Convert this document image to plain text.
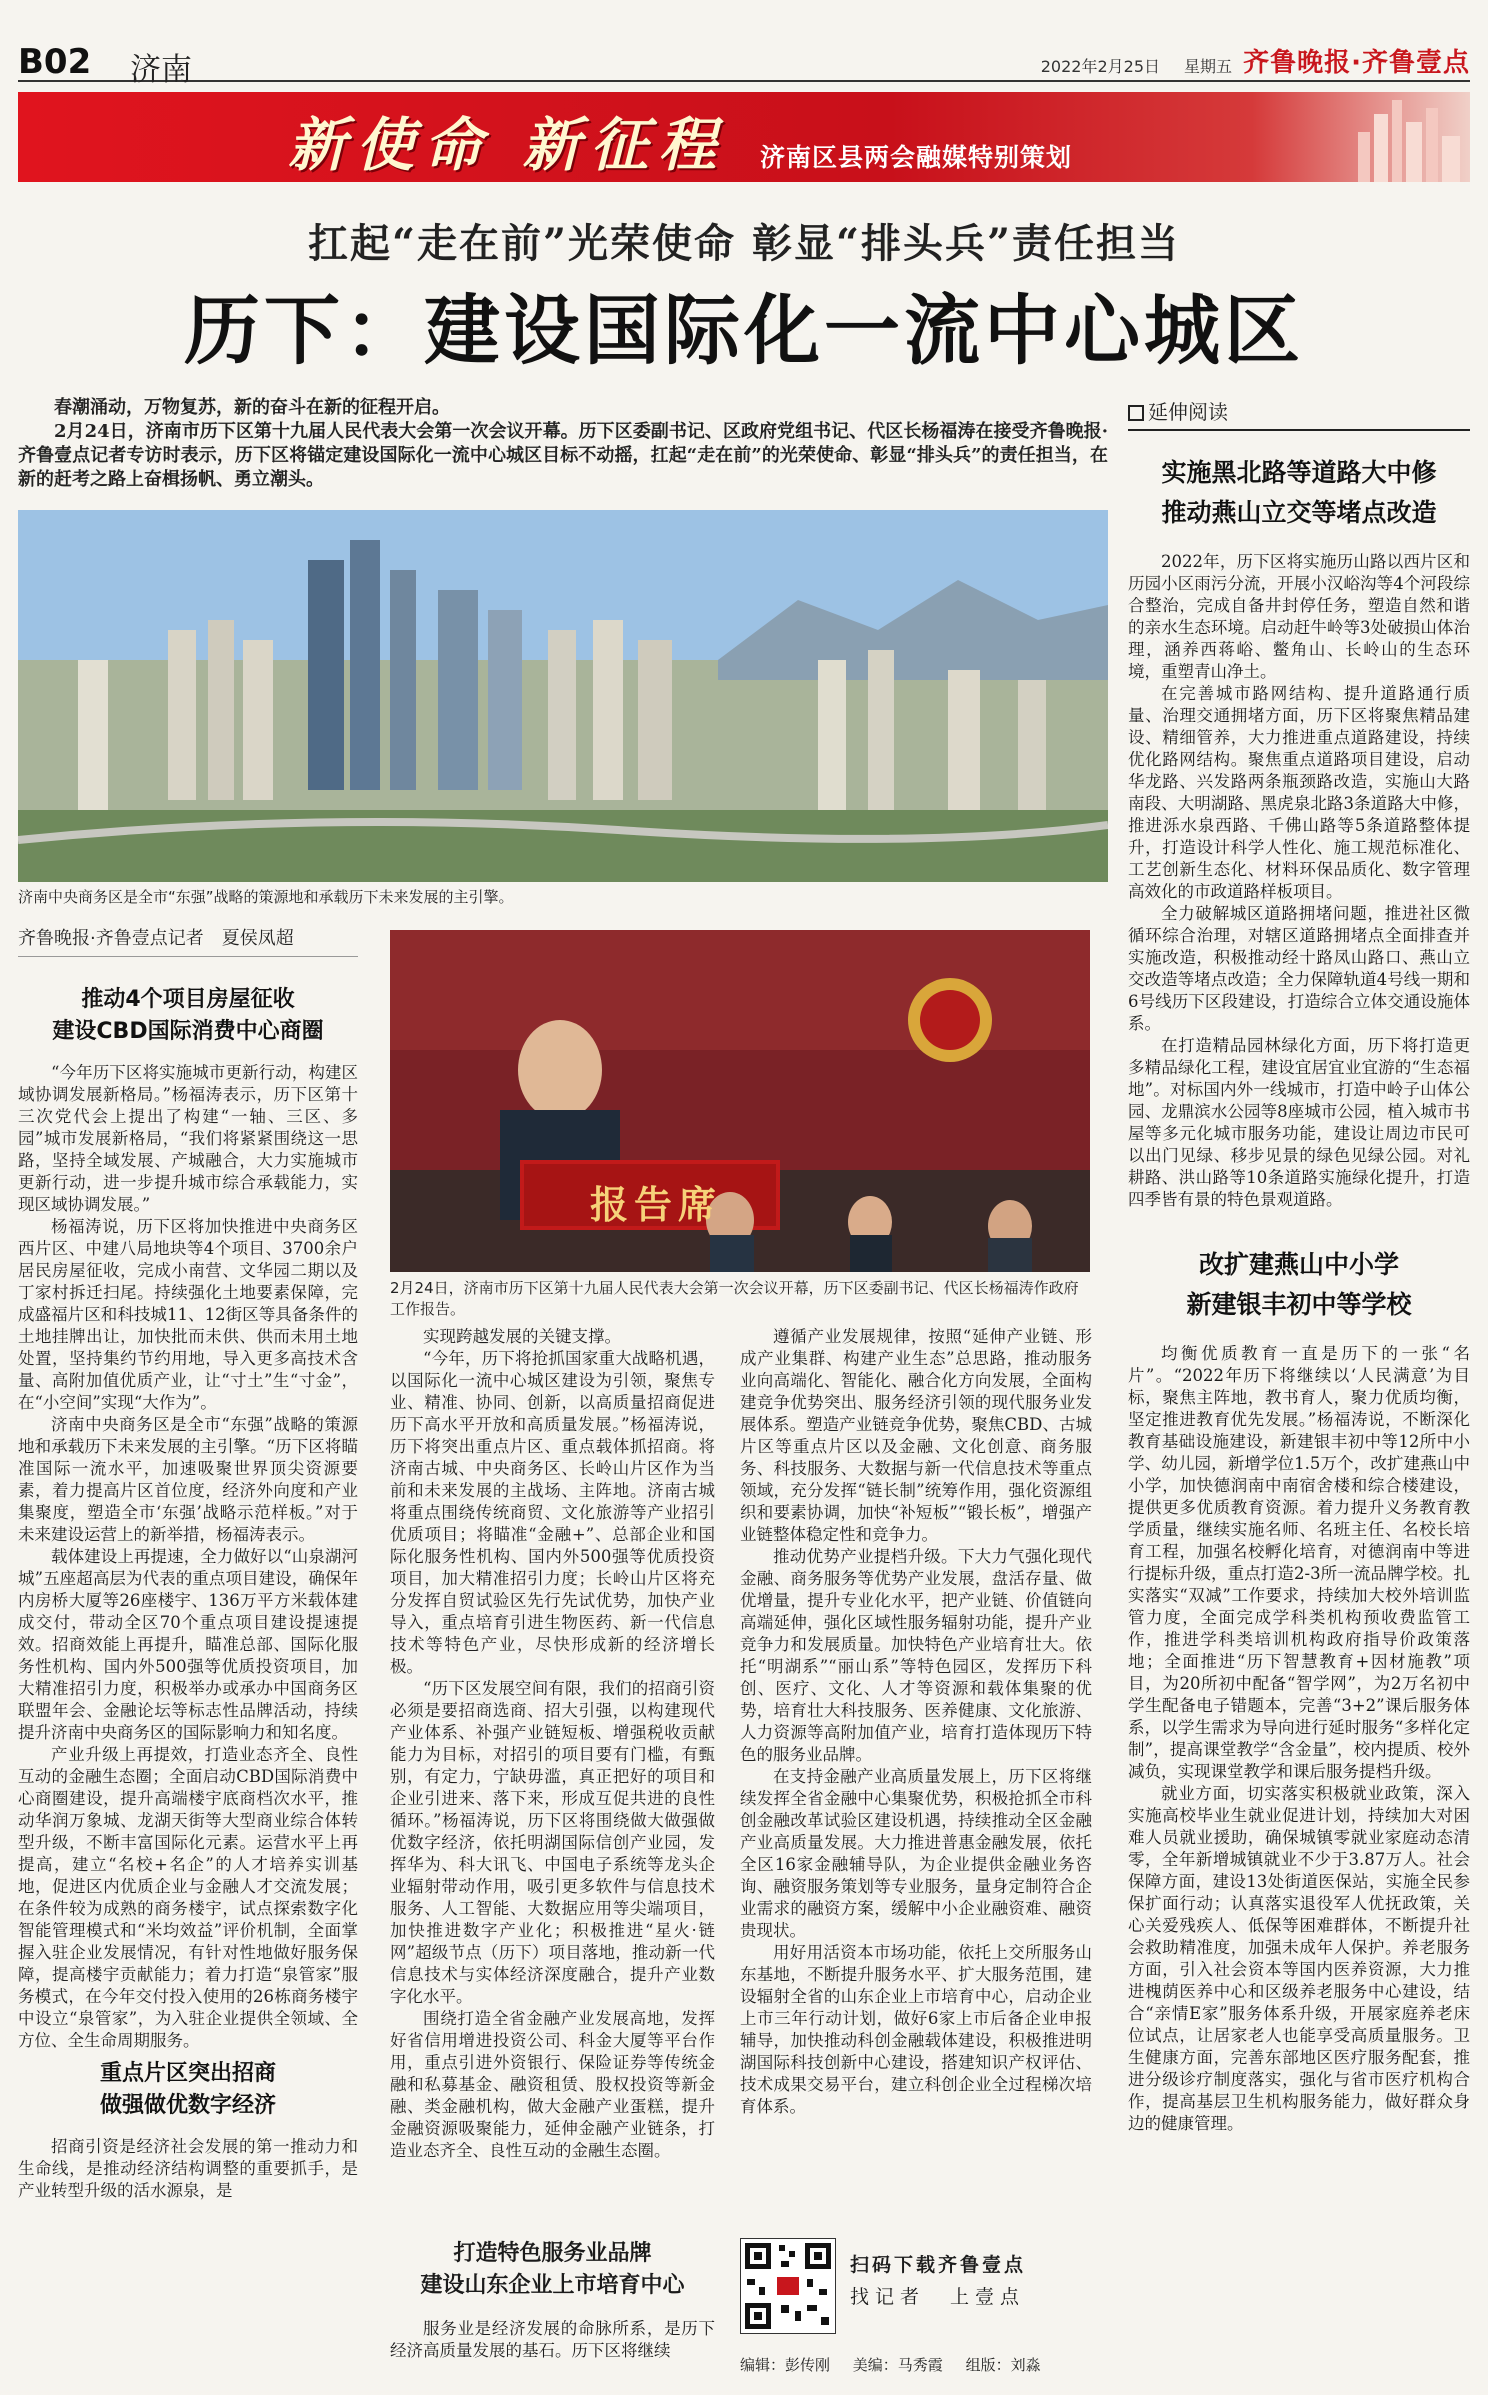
B02 济南	2022年2月25日 星期五 齐鲁晚报·齐鲁壹点
新使命 新征程 济南区县两会融媒特别策划
扛起“走在前”光荣使命 彰显“排头兵”责任担当
历下：建设国际化一流中心城区

春潮涌动，万物复苏，新的奋斗在新的征程开启。

2月24日，济南市历下区第十九届人民代表大会第一次会议开幕。历下区委副书记、区政府党组书记、代区长杨福涛在接受齐鲁晚报·齐鲁壹点记者专访时表示，历下区将锚定建设国际化一流中心城区目标不动摇，扛起“走在前”的光荣使命、彰显“排头兵”的责任担当，在新的赶考之路上奋楫扬帆、勇立潮头。

济南中央商务区是全市“东强”战略的策源地和承载历下未来发展的主引擎。
齐鲁晚报·齐鲁壹点记者　夏侯凤超
推动4个项目房屋征收
建设CBD国际消费中心商圈

“今年历下区将实施城市更新行动，构建区域协调发展新格局。”杨福涛表示，历下区第十三次党代会上提出了构建“一轴、三区、多园”城市发展新格局，“我们将紧紧围绕这一思路，坚持全域发展、产城融合，大力实施城市更新行动，进一步提升城市综合承载能力，实现区域协调发展。”

杨福涛说，历下区将加快推进中央商务区西片区、中建八局地块等4个项目、3700余户居民房屋征收，完成小南营、文华园二期以及丁家村拆迁扫尾。持续强化土地要素保障，完成盛福片区和科技城11、12街区等具备条件的土地挂牌出让，加快批而未供、供而未用土地处置，坚持集约节约用地，导入更多高技术含量、高附加值优质产业，让“寸土”生“寸金”，在“小空间”实现“大作为”。

济南中央商务区是全市“东强”战略的策源地和承载历下未来发展的主引擎。“历下区将瞄准国际一流水平，加速吸聚世界顶尖资源要素，着力提高片区首位度，经济外向度和产业集聚度，塑造全市‘东强’战略示范样板。”对于未来建设运营上的新举措，杨福涛表示。

载体建设上再提速，全力做好以“山泉湖河城”五座超高层为代表的重点项目建设，确保年内房桥大厦等26座楼宇、136万平方米载体建成交付，带动全区70个重点项目建设提速提效。招商效能上再提升，瞄准总部、国际化服务性机构、国内外500强等优质投资项目，加大精准招引力度，积极举办或承办中国商务区联盟年会、金融论坛等标志性品牌活动，持续提升济南中央商务区的国际影响力和知名度。

产业升级上再提效，打造业态齐全、良性互动的金融生态圈；全面启动CBD国际消费中心商圈建设，提升高端楼宇底商档次水平，推动华润万象城、龙湖天街等大型商业综合体转型升级，不断丰富国际化元素。运营水平上再提高，建立“名校+名企”的人才培养实训基地，促进区内优质企业与金融人才交流发展；在条件较为成熟的商务楼宇，试点探索数字化智能管理模式和“米均效益”评价机制，全面掌握入驻企业发展情况，有针对性地做好服务保障，提高楼宇贡献能力；着力打造“泉管家”服务模式，在今年交付投入使用的26栋商务楼宇中设立“泉管家”，为入驻企业提供全领域、全方位、全生命周期服务。

重点片区突出招商
做强做优数字经济

招商引资是经济社会发展的第一推动力和生命线，是推动经济结构调整的重要抓手，是产业转型升级的活水源泉，是

报告席
2月24日，济南市历下区第十九届人民代表大会第一次会议开幕，历下区委副书记、代区长杨福涛作政府工作报告。

实现跨越发展的关键支撑。

“今年，历下将抢抓国家重大战略机遇，以国际化一流中心城区建设为引领，聚焦专业、精准、协同、创新，以高质量招商促进历下高水平开放和高质量发展。”杨福涛说，历下将突出重点片区、重点载体抓招商。将济南古城、中央商务区、长岭山片区作为当前和未来发展的主战场、主阵地。济南古城将重点围绕传统商贸、文化旅游等产业招引优质项目；将瞄准“金融+”、总部企业和国际化服务性机构、国内外500强等优质投资项目，加大精准招引力度；长岭山片区将充分发挥自贸试验区先行先试优势，加快产业导入，重点培育引进生物医药、新一代信息技术等特色产业，尽快形成新的经济增长极。

“历下区发展空间有限，我们的招商引资必须是要招商选商、招大引强，以构建现代产业体系、补强产业链短板、增强税收贡献能力为目标，对招引的项目要有门槛，有甄别，有定力，宁缺毋滥，真正把好的项目和企业引进来、落下来，形成互促共进的良性循环。”杨福涛说，历下区将围绕做大做强做优数字经济，依托明湖国际信创产业园，发挥华为、科大讯飞、中国电子系统等龙头企业辐射带动作用，吸引更多软件与信息技术服务、人工智能、大数据应用等尖端项目，加快推进数字产业化；积极推进“星火·链网”超级节点（历下）项目落地，推动新一代信息技术与实体经济深度融合，提升产业数字化水平。

围绕打造全省金融产业发展高地，发挥好省信用增进投资公司、科金大厦等平台作用，重点引进外资银行、保险证券等传统金融和私募基金、融资租赁、股权投资等新金融、类金融机构，做大金融产业蛋糕，提升金融资源吸聚能力，延伸金融产业链条，打造业态齐全、良性互动的金融生态圈。

打造特色服务业品牌
建设山东企业上市培育中心

服务业是经济发展的命脉所系，是历下经济高质量发展的基石。历下区将继续

遵循产业发展规律，按照“延伸产业链、形成产业集群、构建产业生态”总思路，推动服务业向高端化、智能化、融合化方向发展，全面构建竞争优势突出、服务经济引领的现代服务业发展体系。塑造产业链竞争优势，聚焦CBD、古城片区等重点片区以及金融、文化创意、商务服务、科技服务、大数据与新一代信息技术等重点领域，充分发挥“链长制”统筹作用，强化资源组织和要素协调，加快“补短板”“锻长板”，增强产业链整体稳定性和竞争力。

推动优势产业提档升级。下大力气强化现代金融、商务服务等优势产业发展，盘活存量、做优增量，提升专业化水平，把产业链、价值链向高端延伸，强化区域性服务辐射功能，提升产业竞争力和发展质量。加快特色产业培育壮大。依托“明湖系”“丽山系”等特色园区，发挥历下科创、医疗、文化、人才等资源和载体集聚的优势，培育壮大科技服务、医养健康、文化旅游、人力资源等高附加值产业，培育打造体现历下特色的服务业品牌。

在支持金融产业高质量发展上，历下区将继续发挥全省金融中心集聚优势，积极抢抓全市科创金融改革试验区建设机遇，持续推动全区金融产业高质量发展。大力推进普惠金融发展，依托全区16家金融辅导队，为企业提供金融业务咨询、融资服务策划等专业服务，量身定制符合企业需求的融资方案，缓解中小企业融资难、融资贵现状。

用好用活资本市场功能，依托上交所服务山东基地，不断提升服务水平、扩大服务范围，建设辐射全省的山东企业上市培育中心，启动企业上市三年行动计划，做好6家上市后备企业申报辅导，加快推动科创金融载体建设，积极推进明湖国际科技创新中心建设，搭建知识产权评估、技术成果交易平台，建立科创企业全过程梯次培育体系。

扫码下载齐鲁壹点
找记者　上壹点
编辑：彭传刚 美编：马秀霞 组版：刘淼
延伸阅读
实施黑北路等道路大中修
推动燕山立交等堵点改造

2022年，历下区将实施历山路以西片区和历园小区雨污分流，开展小汉峪沟等4个河段综合整治，完成自备井封停任务，塑造自然和谐的亲水生态环境。启动赶牛岭等3处破损山体治理，涵养西蒋峪、鳖角山、长岭山的生态环境，重塑青山净土。

在完善城市路网结构、提升道路通行质量、治理交通拥堵方面，历下区将聚焦精品建设、精细管养，大力推进重点道路建设，持续优化路网结构。聚焦重点道路项目建设，启动华龙路、兴发路两条瓶颈路改造，实施山大路南段、大明湖路、黑虎泉北路3条道路大中修，推进泺水泉西路、千佛山路等5条道路整体提升，打造设计科学人性化、施工规范标准化、工艺创新生态化、材料环保品质化、数字管理高效化的市政道路样板项目。

全力破解城区道路拥堵问题，推进社区微循环综合治理，对辖区道路拥堵点全面排查并实施改造，积极推动经十路凤山路口、燕山立交改造等堵点改造；全力保障轨道4号线一期和6号线历下区段建设，打造综合立体交通设施体系。

在打造精品园林绿化方面，历下将打造更多精品绿化工程，建设宜居宜业宜游的“生态福地”。对标国内外一线城市，打造中岭子山体公园、龙鼎滨水公园等8座城市公园，植入城市书屋等多元化城市服务功能，建设让周边市民可以出门见绿、移步见景的绿色见绿公园。对礼耕路、洪山路等10条道路实施绿化提升，打造四季皆有景的特色景观道路。

改扩建燕山中小学
新建银丰初中等学校

均衡优质教育一直是历下的一张“名片”。“2022年历下将继续以‘人民满意’为目标，聚焦主阵地，教书育人，聚力优质均衡，坚定推进教育优先发展。”杨福涛说，不断深化教育基础设施建设，新建银丰初中等12所中小学、幼儿园，新增学位1.5万个，改扩建燕山中小学，加快德润南中南宿舍楼和综合楼建设，提供更多优质教育资源。着力提升义务教育教学质量，继续实施名师、名班主任、名校长培育工程，加强名校孵化培育，对德润南中等进行提标升级，重点打造2-3所一流品牌学校。扎实落实“双减”工作要求，持续加大校外培训监管力度，全面完成学科类机构预收费监管工作，推进学科类培训机构政府指导价政策落地；全面推进“历下智慧教育+因材施教”项目，为20所初中配备“智学网”，为2万名初中学生配备电子错题本，完善“3+2”课后服务体系，以学生需求为导向进行延时服务“多样化定制”，提高课堂教学“含金量”，校内提质、校外减负，实现课堂教学和课后服务提档升级。

就业方面，切实落实积极就业政策，深入实施高校毕业生就业促进计划，持续加大对困难人员就业援助，确保城镇零就业家庭动态清零，全年新增城镇就业不少于3.87万人。社会保障方面，建设13处街道医保站，实施全民参保扩面行动；认真落实退役军人优抚政策，关心关爱残疾人、低保等困难群体，不断提升社会救助精准度，加强未成年人保护。养老服务方面，引入社会资本等国内医养资源，大力推进槐荫医养中心和区级养老服务中心建设，结合“亲情E家”服务体系升级，开展家庭养老床位试点，让居家老人也能享受高质量服务。卫生健康方面，完善东部地区医疗服务配套，推进分级诊疗制度落实，强化与省市医疗机构合作，提高基层卫生机构服务能力，做好群众身边的健康管理。
